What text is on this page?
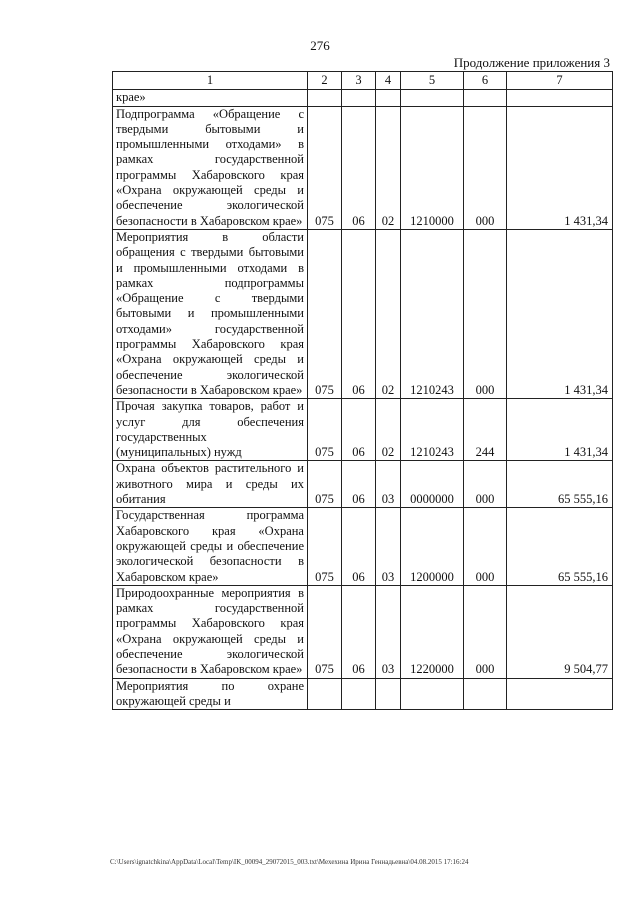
276
Продолжение приложения 3
1	2	3	4	5	6	7
крае»						
Подпрограмма «Обращение с твердыми бытовыми и промышленными отходами» в рамках государственной программы Хабаровского края «Охрана окружающей среды и обеспечение экологической безопасности в Хабаровском крае»	075	06	02	1210000	000	1 431,34
Мероприятия в области обращения с твердыми бытовыми и промышленными отходами в рамках подпрограммы «Обращение с твердыми бытовыми и промышленными отходами» государственной программы Хабаровского края «Охрана окружающей среды и обеспечение экологической безопасности в Хабаровском крае»	075	06	02	1210243	000	1 431,34
Прочая закупка товаров, работ и услуг для обеспечения государственных (муниципальных) нужд	075	06	02	1210243	244	1 431,34
Охрана объектов растительного и животного мира и среды их обитания	075	06	03	0000000	000	65 555,16
Государственная программа Хабаровского края «Охрана окружающей среды и обеспечение экологической безопасности в Хабаровском крае»	075	06	03	1200000	000	65 555,16
Природоохранные мероприятия в рамках государственной программы Хабаровского края «Охрана окружающей среды и обеспечение экологической безопасности в Хабаровском крае»	075	06	03	1220000	000	9 504,77
Мероприятия по охране окружающей среды и						
C:\Users\ignatchkina\AppData\Local\Temp\IK_00094_29072015_003.txt\Мехехина Ирина Геннадьевна\04.08.2015 17:16:24
